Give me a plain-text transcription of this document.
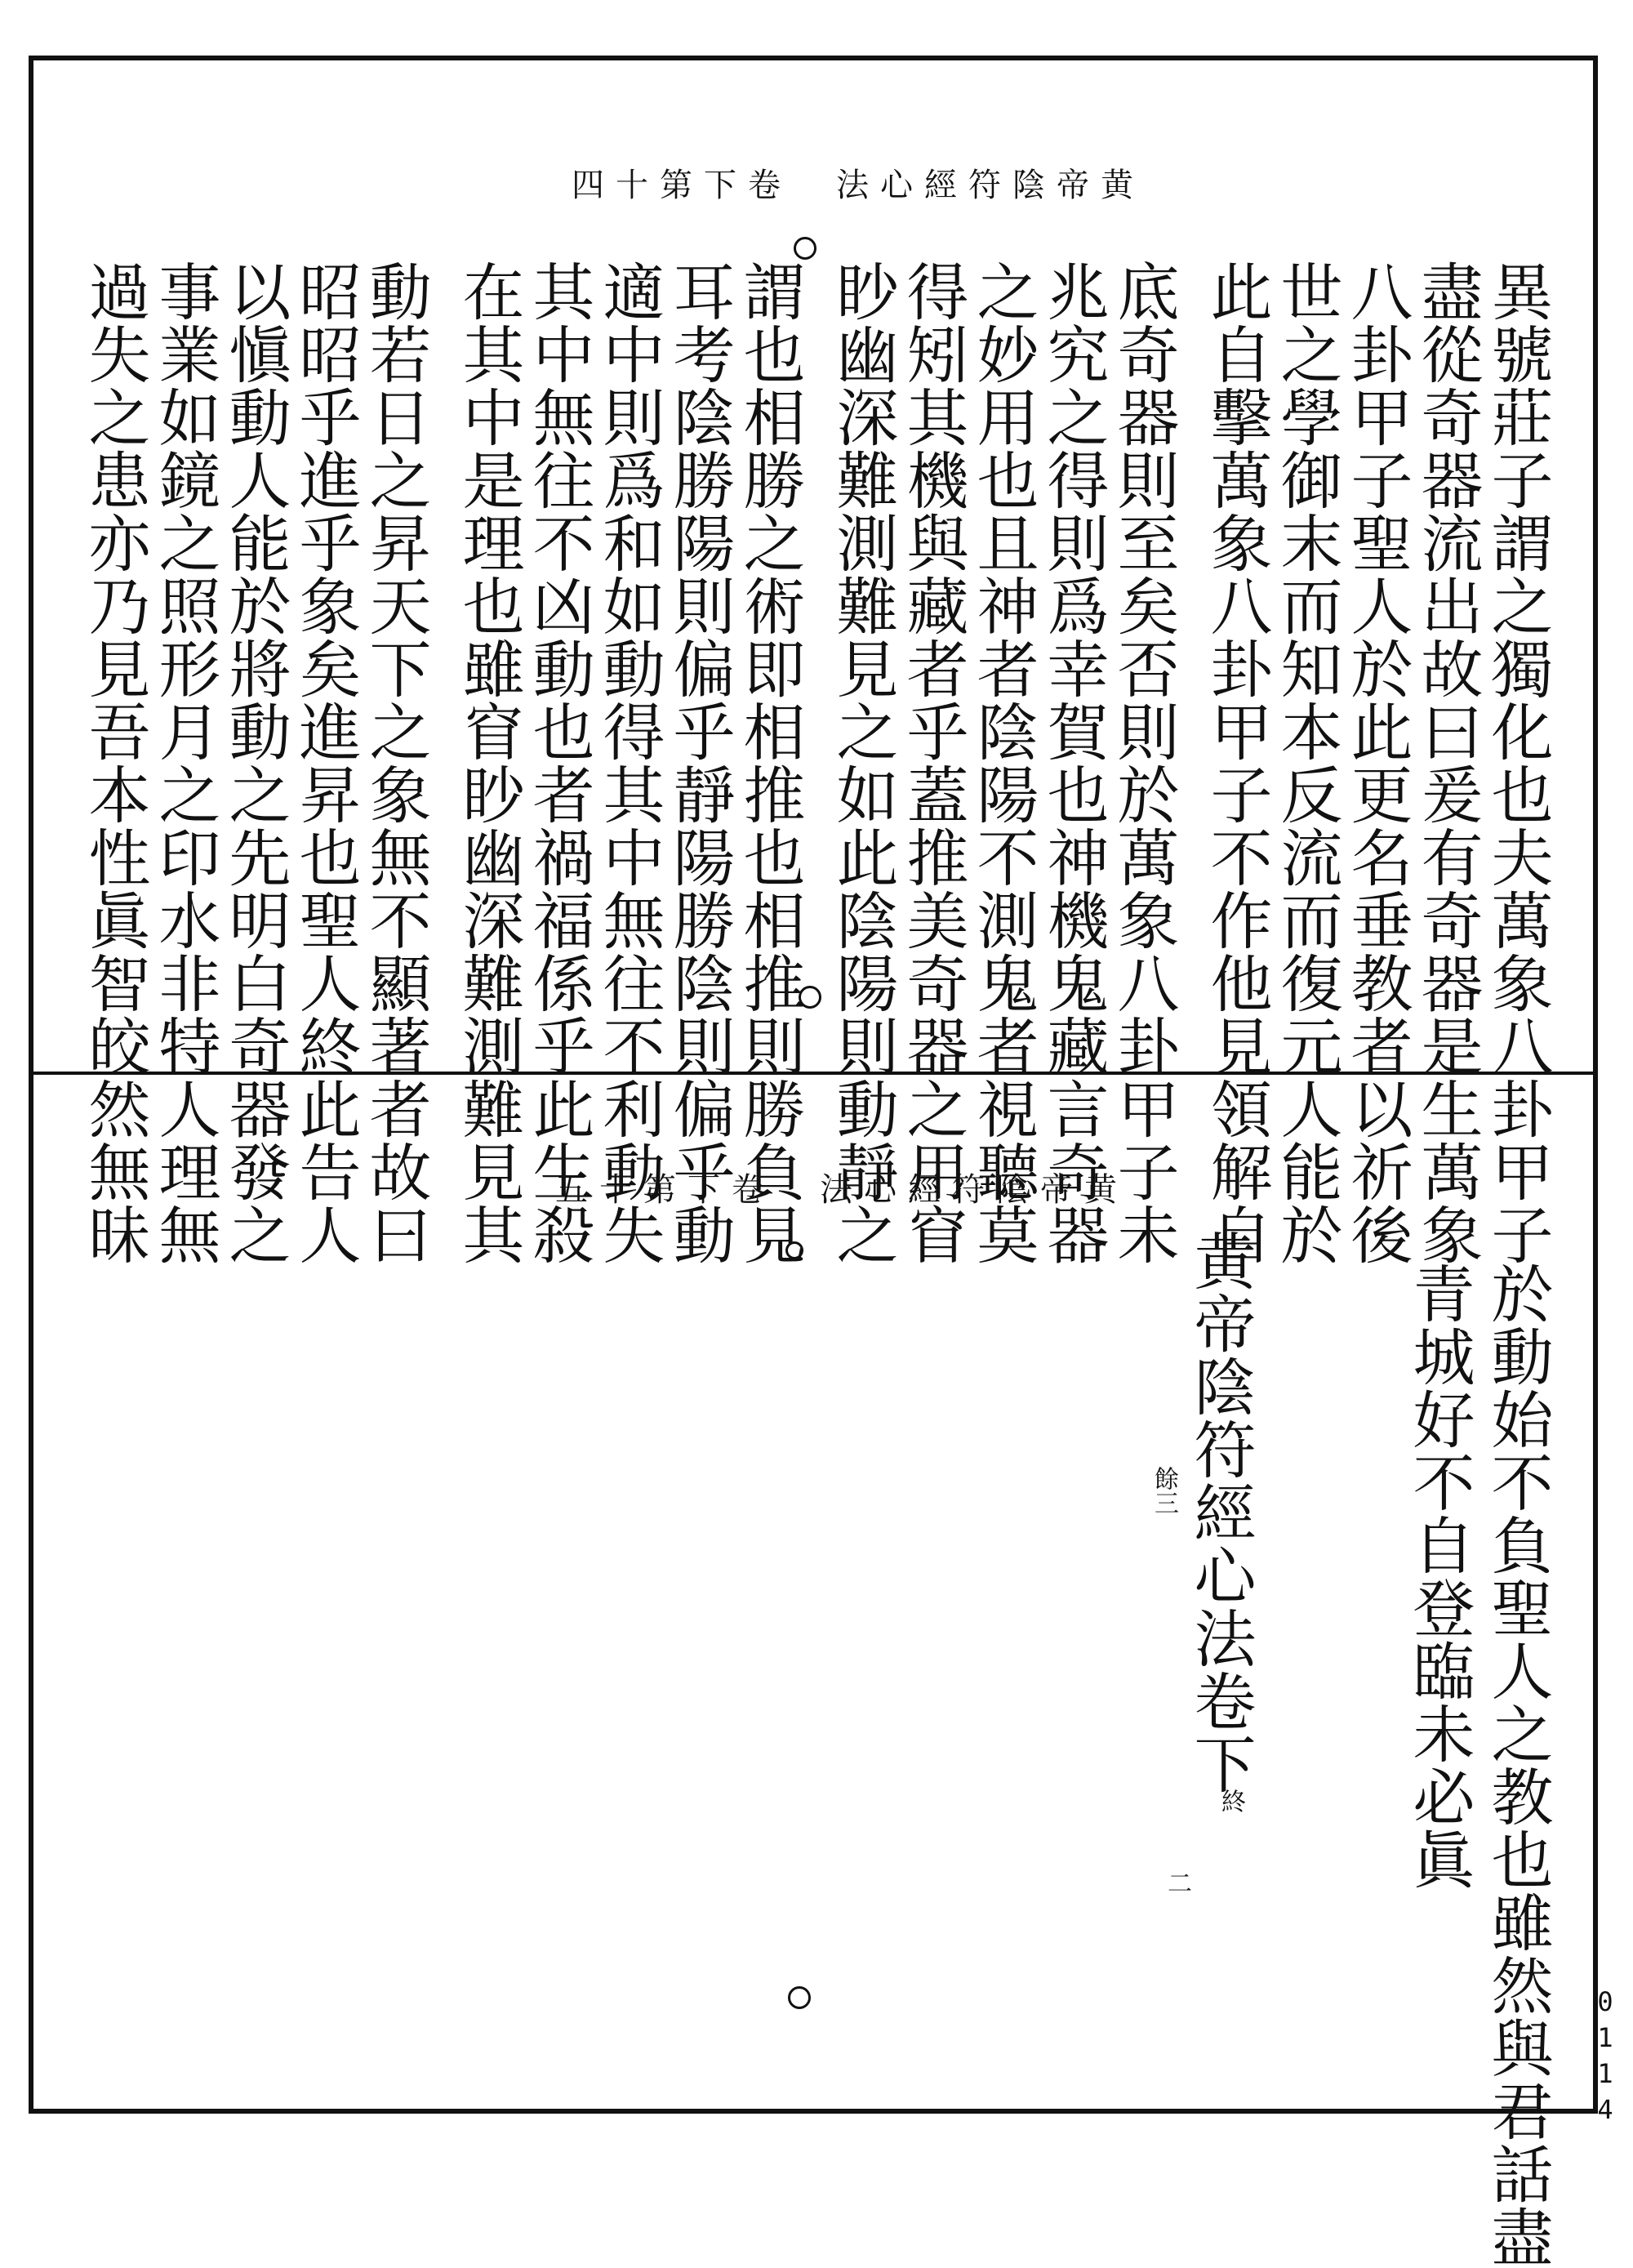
四十第下卷　法心經符陰帝黄
異號莊子謂之獨化也夫萬象八卦甲子
盡從奇器流出故曰爰有奇器是生萬象
八卦甲子聖人於此更名垂教者以祈後
世之學御末而知本反流而復元人能於
此自擊萬象八卦甲子不作他見領解自
底奇器則至矣否則於萬象八卦甲子未
兆究之得則爲幸賀也神機鬼藏言奇器
之妙用也且神者陰陽不測鬼者視聽莫
得矧其機與藏者乎蓋推美奇器之用窅
眇幽深難測難見之如此陰陽則動靜之
謂也相勝之術即相推也相推則勝負見
耳考陰勝陽則偏乎靜陽勝陰則偏乎動
適中則爲和如動得其中無往不利動失
其中無往不凶動也者禍福係乎此生殺
在其中是理也雖窅眇幽深難測難見其
動若日之昇天下之象無不顯著者故曰
昭昭乎進乎象矣進昇也聖人終此告人
以愼動人能於將動之先明白奇器發之
事業如鏡之照形月之印水非特人理無
過失之患亦乃見吾本性眞智皎然無昧	五十第下卷　法心經符陰帝黄
於動始不負聖人之教也雖然與君話盡
青城好不自登臨未必眞
黄帝陰符經心法卷下
終
餘三
二
0114
